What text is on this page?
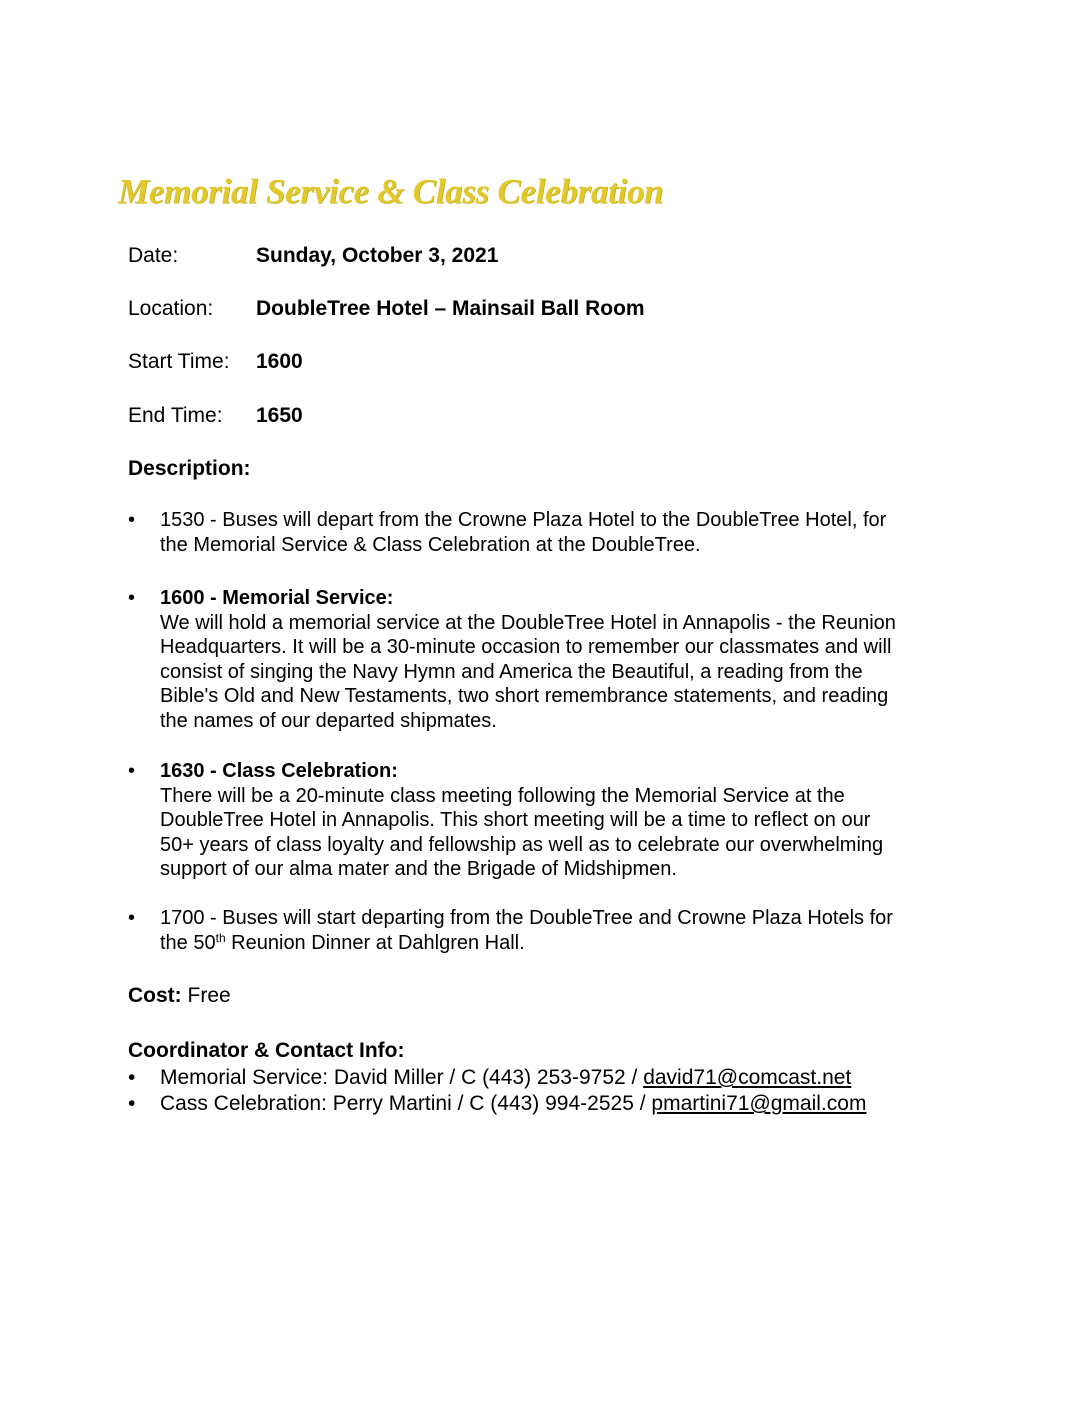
Memorial Service & Class Celebration
Date:	Sunday, October 3, 2021
Location: DoubleTree Hotel – Mainsail Ball Room
Start Time: 1600
End Time: 1650
Description:
• 1530 - Buses will depart from the Crowne Plaza Hotel to the DoubleTree Hotel, for
the Memorial Service & Class Celebration at the DoubleTree.
• 1600 - Memorial Service:
We will hold a memorial service at the DoubleTree Hotel in Annapolis - the Reunion
Headquarters. It will be a 30-minute occasion to remember our classmates and will
consist of singing the Navy Hymn and America the Beautiful, a reading from the
Bible's Old and New Testaments, two short remembrance statements, and reading
the names of our departed shipmates.
• 1630 - Class Celebration:
There will be a 20-minute class meeting following the Memorial Service at the
DoubleTree Hotel in Annapolis. This short meeting will be a time to reflect on our
50+ years of class loyalty and fellowship as well as to celebrate our overwhelming
support of our alma mater and the Brigade of Midshipmen.
• 1700 - Buses will start departing from the DoubleTree and Crowne Plaza Hotels for
the 50th Reunion Dinner at Dahlgren Hall.
Cost: Free
Coordinator & Contact Info:
• Memorial Service: David Miller / C (443) 253-9752 / david71@comcast.net
• Cass Celebration: Perry Martini / C (443) 994-2525 / pmartini71@gmail.com
